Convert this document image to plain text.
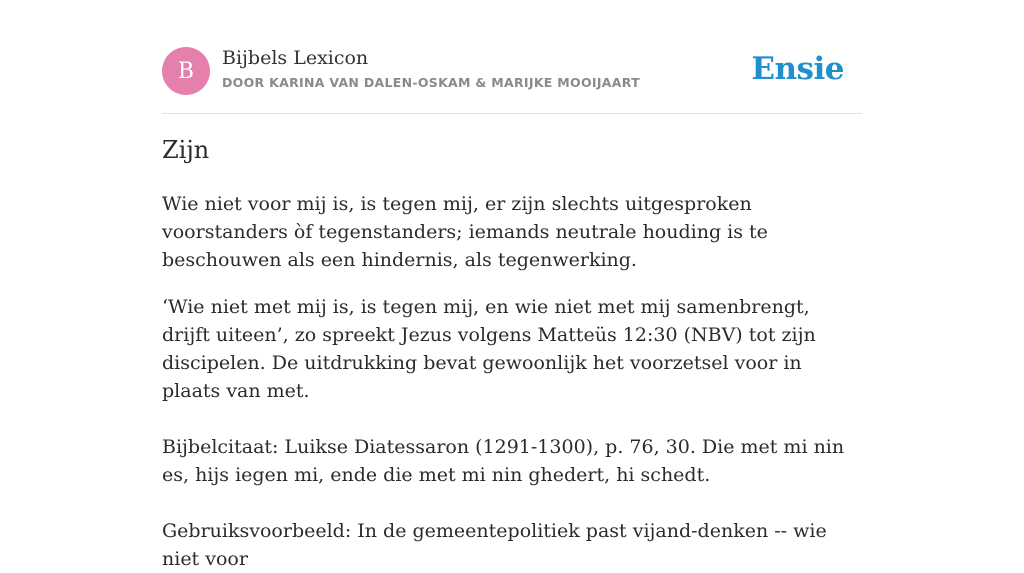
B
Bijbels Lexicon
DOOR KARINA VAN DALEN-OSKAM & MARIJKE MOOIJAART	Ensie
Zijn

Wie niet voor mij is, is tegen mij, er zijn slechts uitgesproken voorstanders òf tegenstanders; iemands neutrale houding is te beschouwen als een hindernis, als tegenwerking.

‘Wie niet met mij is, is tegen mij, en wie niet met mij samenbrengt, drijft uiteen’, zo spreekt Jezus volgens Matteüs 12:30 (NBV) tot zijn discipelen. De uitdrukking bevat gewoonlijk het voorzetsel voor in plaats van met.

Bijbelcitaat: Luikse Diatessaron (1291-1300), p. 76, 30. Die met mi nin es, hijs iegen mi, ende die met mi nin ghedert, hi schedt.

Gebruiksvoorbeeld: In de gemeentepolitiek past vijand-denken -- wie niet voor
